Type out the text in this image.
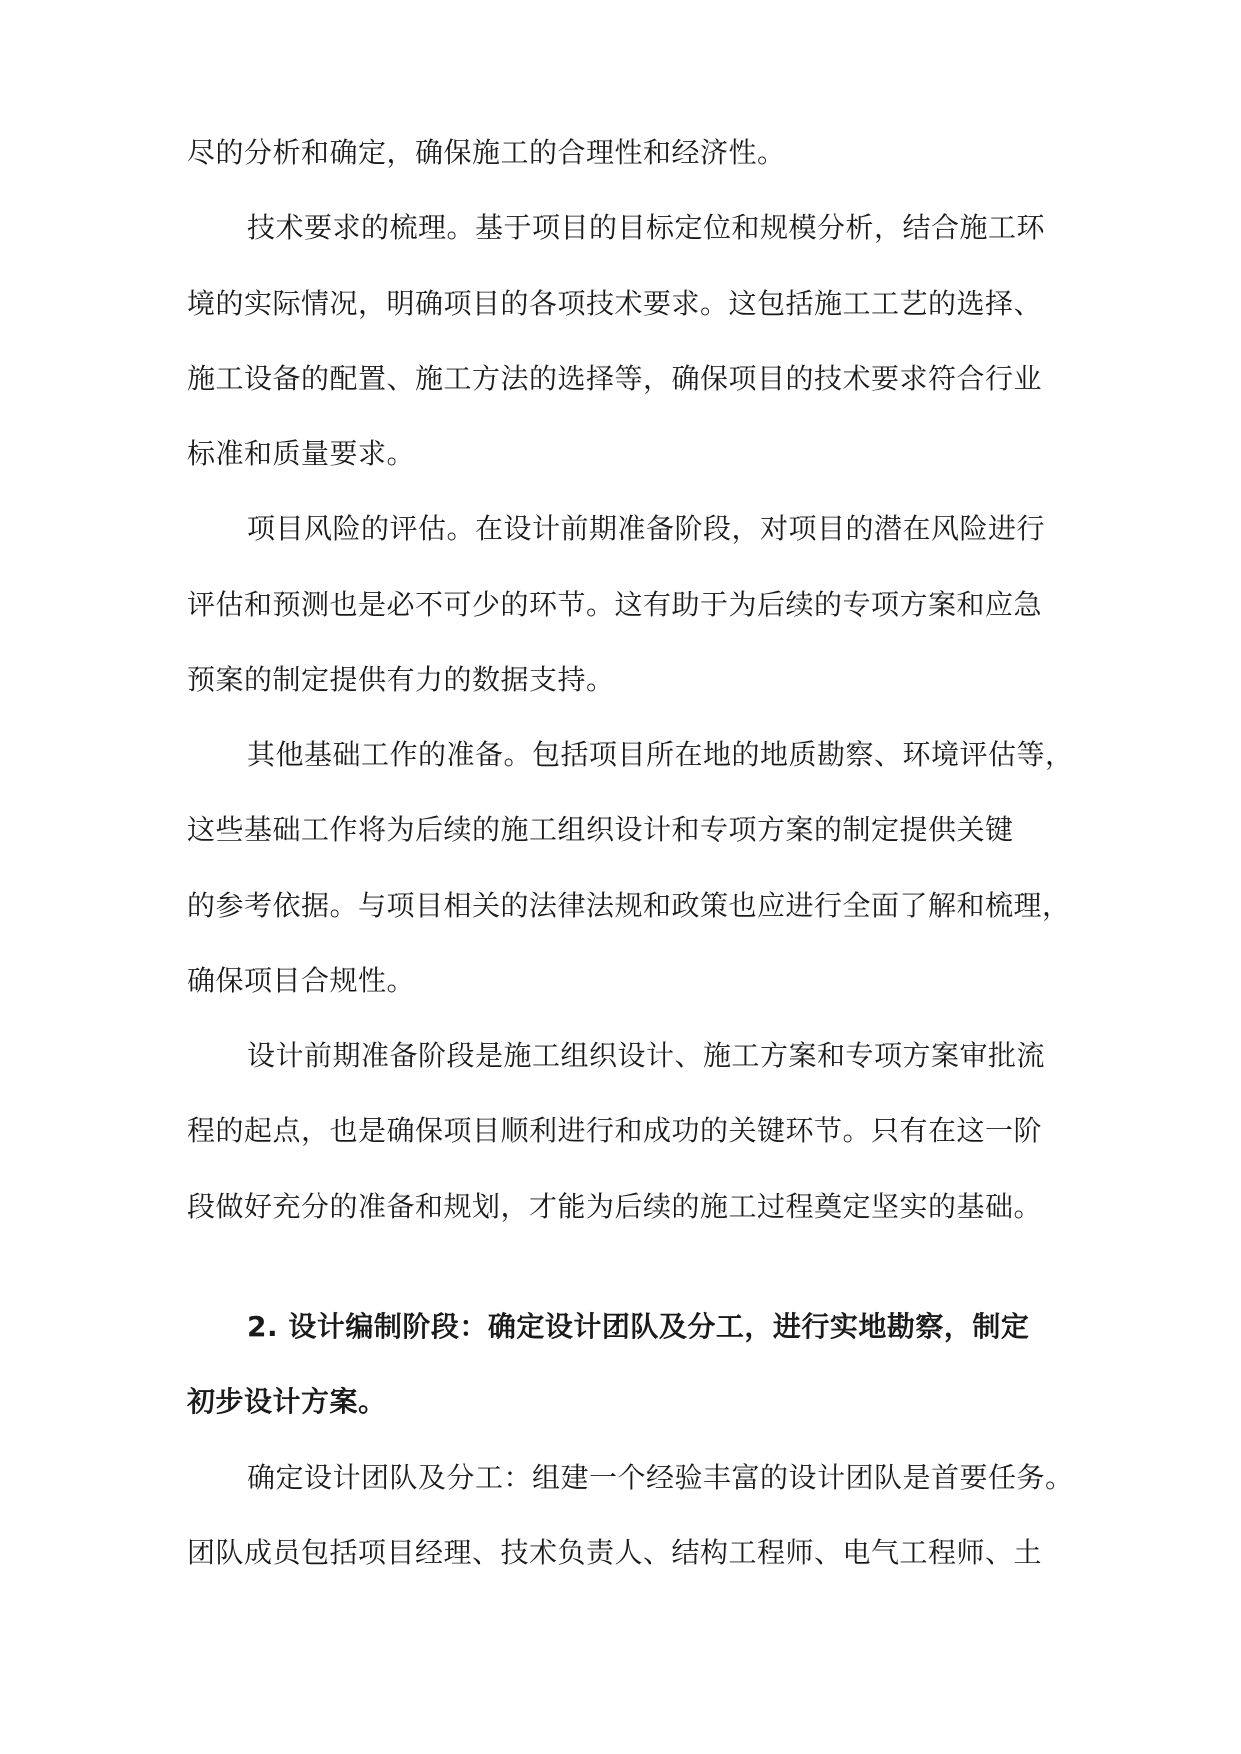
尽的分析和确定，确保施工的合理性和经济性。
技术要求的梳理。基于项目的目标定位和规模分析，结合施工环
境的实际情况，明确项目的各项技术要求。这包括施工工艺的选择、
施工设备的配置、施工方法的选择等，确保项目的技术要求符合行业
标准和质量要求。
项目风险的评估。在设计前期准备阶段，对项目的潜在风险进行
评估和预测也是必不可少的环节。这有助于为后续的专项方案和应急
预案的制定提供有力的数据支持。
其他基础工作的准备。包括项目所在地的地质勘察、环境评估等，
这些基础工作将为后续的施工组织设计和专项方案的制定提供关键
的参考依据。与项目相关的法律法规和政策也应进行全面了解和梳理，
确保项目合规性。
设计前期准备阶段是施工组织设计、施工方案和专项方案审批流
程的起点，也是确保项目顺利进行和成功的关键环节。只有在这一阶
段做好充分的准备和规划，才能为后续的施工过程奠定坚实的基础。
2. 设计编制阶段：确定设计团队及分工，进行实地勘察，制定
初步设计方案。
确定设计团队及分工：组建一个经验丰富的设计团队是首要任务。
团队成员包括项目经理、技术负责人、结构工程师、电气工程师、土
